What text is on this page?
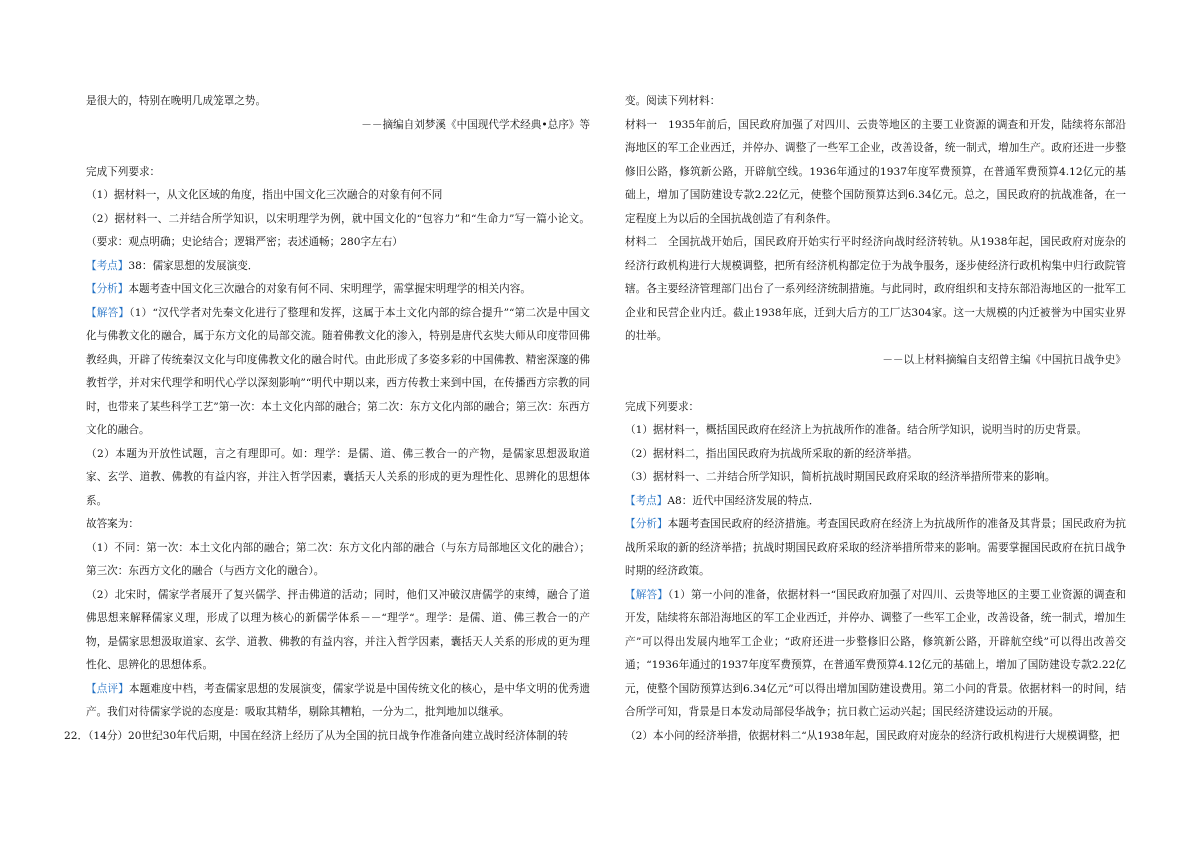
是很大的，特别在晚明几成笼罩之势。

－－摘编自刘梦溪《中国现代学术经典•总序》等

完成下列要求：

（1）据材料一，从文化区域的角度，指出中国文化三次融合的对象有何不同

（2）据材料一、二并结合所学知识，以宋明理学为例，就中国文化的“包容力”和“生命力”写一篇小论文。（要求：观点明确；史论结合；逻辑严密；表述通畅；280字左右）

【考点】38：儒家思想的发展演变．

【分析】本题考查中国文化三次融合的对象有何不同、宋明理学，需掌握宋明理学的相关内容。

【解答】（1）“汉代学者对先秦文化进行了整理和发挥，这属于本土文化内部的综合提升”“第二次是中国文化与佛教文化的融合，属于东方文化的局部交流。随着佛教文化的渗入，特别是唐代玄奘大师从印度带回佛教经典，开辟了传统秦汉文化与印度佛教文化的融合时代。由此形成了多姿多彩的中国佛教、精密深邃的佛教哲学，并对宋代理学和明代心学以深刻影响”“明代中期以来，西方传教士来到中国，在传播西方宗教的同时，也带来了某些科学工艺”第一次：本土文化内部的融合；第二次：东方文化内部的融合；第三次：东西方文化的融合。

（2）本题为开放性试题，言之有理即可。如：理学：是儒、道、佛三教合一的产物，是儒家思想汲取道家、玄学、道教、佛教的有益内容，并注入哲学因素，囊括天人关系的形成的更为理性化、思辨化的思想体系。

故答案为：

（1）不同：第一次：本土文化内部的融合；第二次：东方文化内部的融合（与东方局部地区文化的融合）；第三次：东西方文化的融合（与西方文化的融合）。

（2）北宋时，儒家学者展开了复兴儒学、抨击佛道的活动；同时，他们又冲破汉唐儒学的束缚，融合了道佛思想来解释儒家义理，形成了以理为核心的新儒学体系－－“理学“。理学：是儒、道、佛三教合一的产物，是儒家思想汲取道家、玄学、道教、佛教的有益内容，并注入哲学因素，囊括天人关系的形成的更为理性化、思辨化的思想体系。

【点评】本题难度中档，考查儒家思想的发展演变，儒家学说是中国传统文化的核心，是中华文明的优秀遗产。我们对待儒家学说的态度是：吸取其精华，剔除其糟粕，一分为二，批判地加以继承。

22．（14分）20世纪30年代后期，中国在经济上经历了从为全国的抗日战争作准备向建立战时经济体制的转

变。阅读下列材料：

材料一　1935年前后，国民政府加强了对四川、云贵等地区的主要工业资源的调查和开发，陆续将东部沿海地区的军工企业西迁，并停办、调整了一些军工企业，改善设备，统一制式，增加生产。政府还进一步整修旧公路，修筑新公路，开辟航空线。1936年通过的1937年度军费预算，在普通军费预算4.12亿元的基础上，增加了国防建设专款2.22亿元，使整个国防预算达到6.34亿元。总之，国民政府的抗战准备，在一定程度上为以后的全国抗战创造了有利条件。

材料二　全国抗战开始后，国民政府开始实行平时经济向战时经济转轨。从1938年起，国民政府对庞杂的经济行政机构进行大规模调整，把所有经济机构都定位于为战争服务，逐步使经济行政机构集中归行政院管辖。各主要经济管理部门出台了一系列经济统制措施。与此同时，政府组织和支持东部沿海地区的一批军工企业和民营企业内迁。截止1938年底，迁到大后方的工厂达304家。这一大规模的内迁被誉为中国实业界的壮举。

－－以上材料摘编自支绍曾主编《中国抗日战争史》

完成下列要求：

（1）据材料一，概括国民政府在经济上为抗战所作的准备。结合所学知识，说明当时的历史背景。

（2）据材料二，指出国民政府为抗战所采取的新的经济举措。

（3）据材料一、二并结合所学知识，简析抗战时期国民政府采取的经济举措所带来的影响。

【考点】A8：近代中国经济发展的特点．

【分析】本题考查国民政府的经济措施。考查国民政府在经济上为抗战所作的准备及其背景；国民政府为抗战所采取的新的经济举措；抗战时期国民政府采取的经济举措所带来的影响。需要掌握国民政府在抗日战争时期的经济政策。

【解答】（1）第一小问的准备，依据材料一“国民政府加强了对四川、云贵等地区的主要工业资源的调查和开发，陆续将东部沿海地区的军工企业西迁，并停办、调整了一些军工企业，改善设备，统一制式，增加生产”可以得出发展内地军工企业；“政府还进一步整修旧公路，修筑新公路，开辟航空线”可以得出改善交通；“1936年通过的1937年度军费预算，在普通军费预算4.12亿元的基础上，增加了国防建设专款2.22亿元，使整个国防预算达到6.34亿元”可以得出增加国防建设费用。第二小问的背景。依据材料一的时间，结合所学可知，背景是日本发动局部侵华战争；抗日救亡运动兴起；国民经济建设运动的开展。

（2）本小问的经济举措，依据材料二“从1938年起，国民政府对庞杂的经济行政机构进行大规模调整，把
